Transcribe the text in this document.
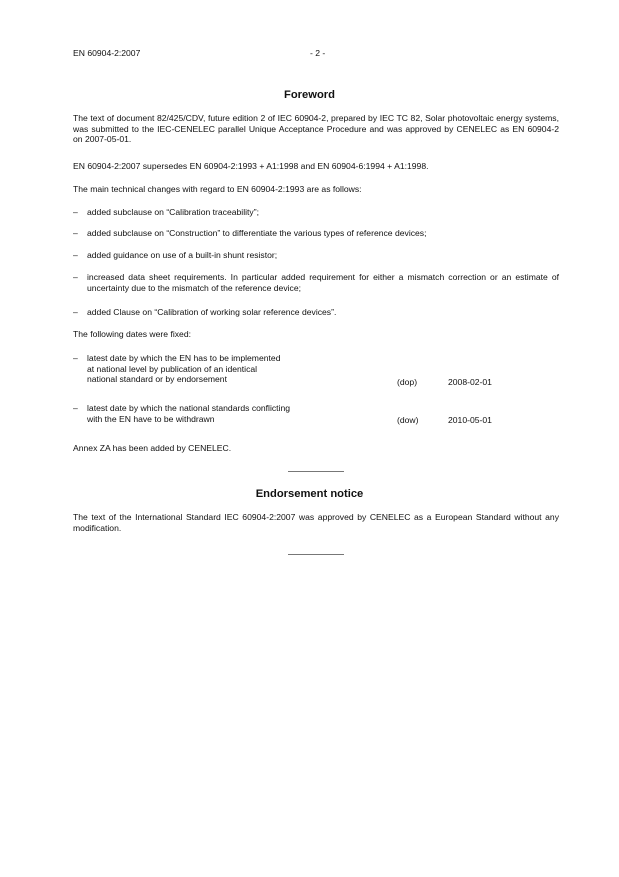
EN 60904-2:2007	- 2 -
Foreword
The text of document 82/425/CDV, future edition 2 of IEC 60904-2, prepared by IEC TC 82, Solar photovoltaic energy systems, was submitted to the IEC-CENELEC parallel Unique Acceptance Procedure and was approved by CENELEC as EN 60904-2 on 2007-05-01.
EN 60904-2:2007 supersedes EN 60904-2:1993 + A1:1998 and EN 60904-6:1994 + A1:1998.
The main technical changes with regard to EN 60904-2:1993 are as follows:
– added subclause on “Calibration traceability”;
– added subclause on “Construction” to differentiate the various types of reference devices;
– added guidance on use of a built-in shunt resistor;
– increased data sheet requirements. In particular added requirement for either a mismatch correction or an estimate of uncertainty due to the mismatch of the reference device;
– added Clause on “Calibration of working solar reference devices”.
The following dates were fixed:
– latest date by which the EN has to be implemented
at national level by publication of an identical
national standard or by endorsement	(dop)	2008-02-01
– latest date by which the national standards conflicting
with the EN have to be withdrawn	(dow)	2010-05-01
Annex ZA has been added by CENELEC.
Endorsement notice
The text of the International Standard IEC 60904-2:2007 was approved by CENELEC as a European Standard without any modification.
